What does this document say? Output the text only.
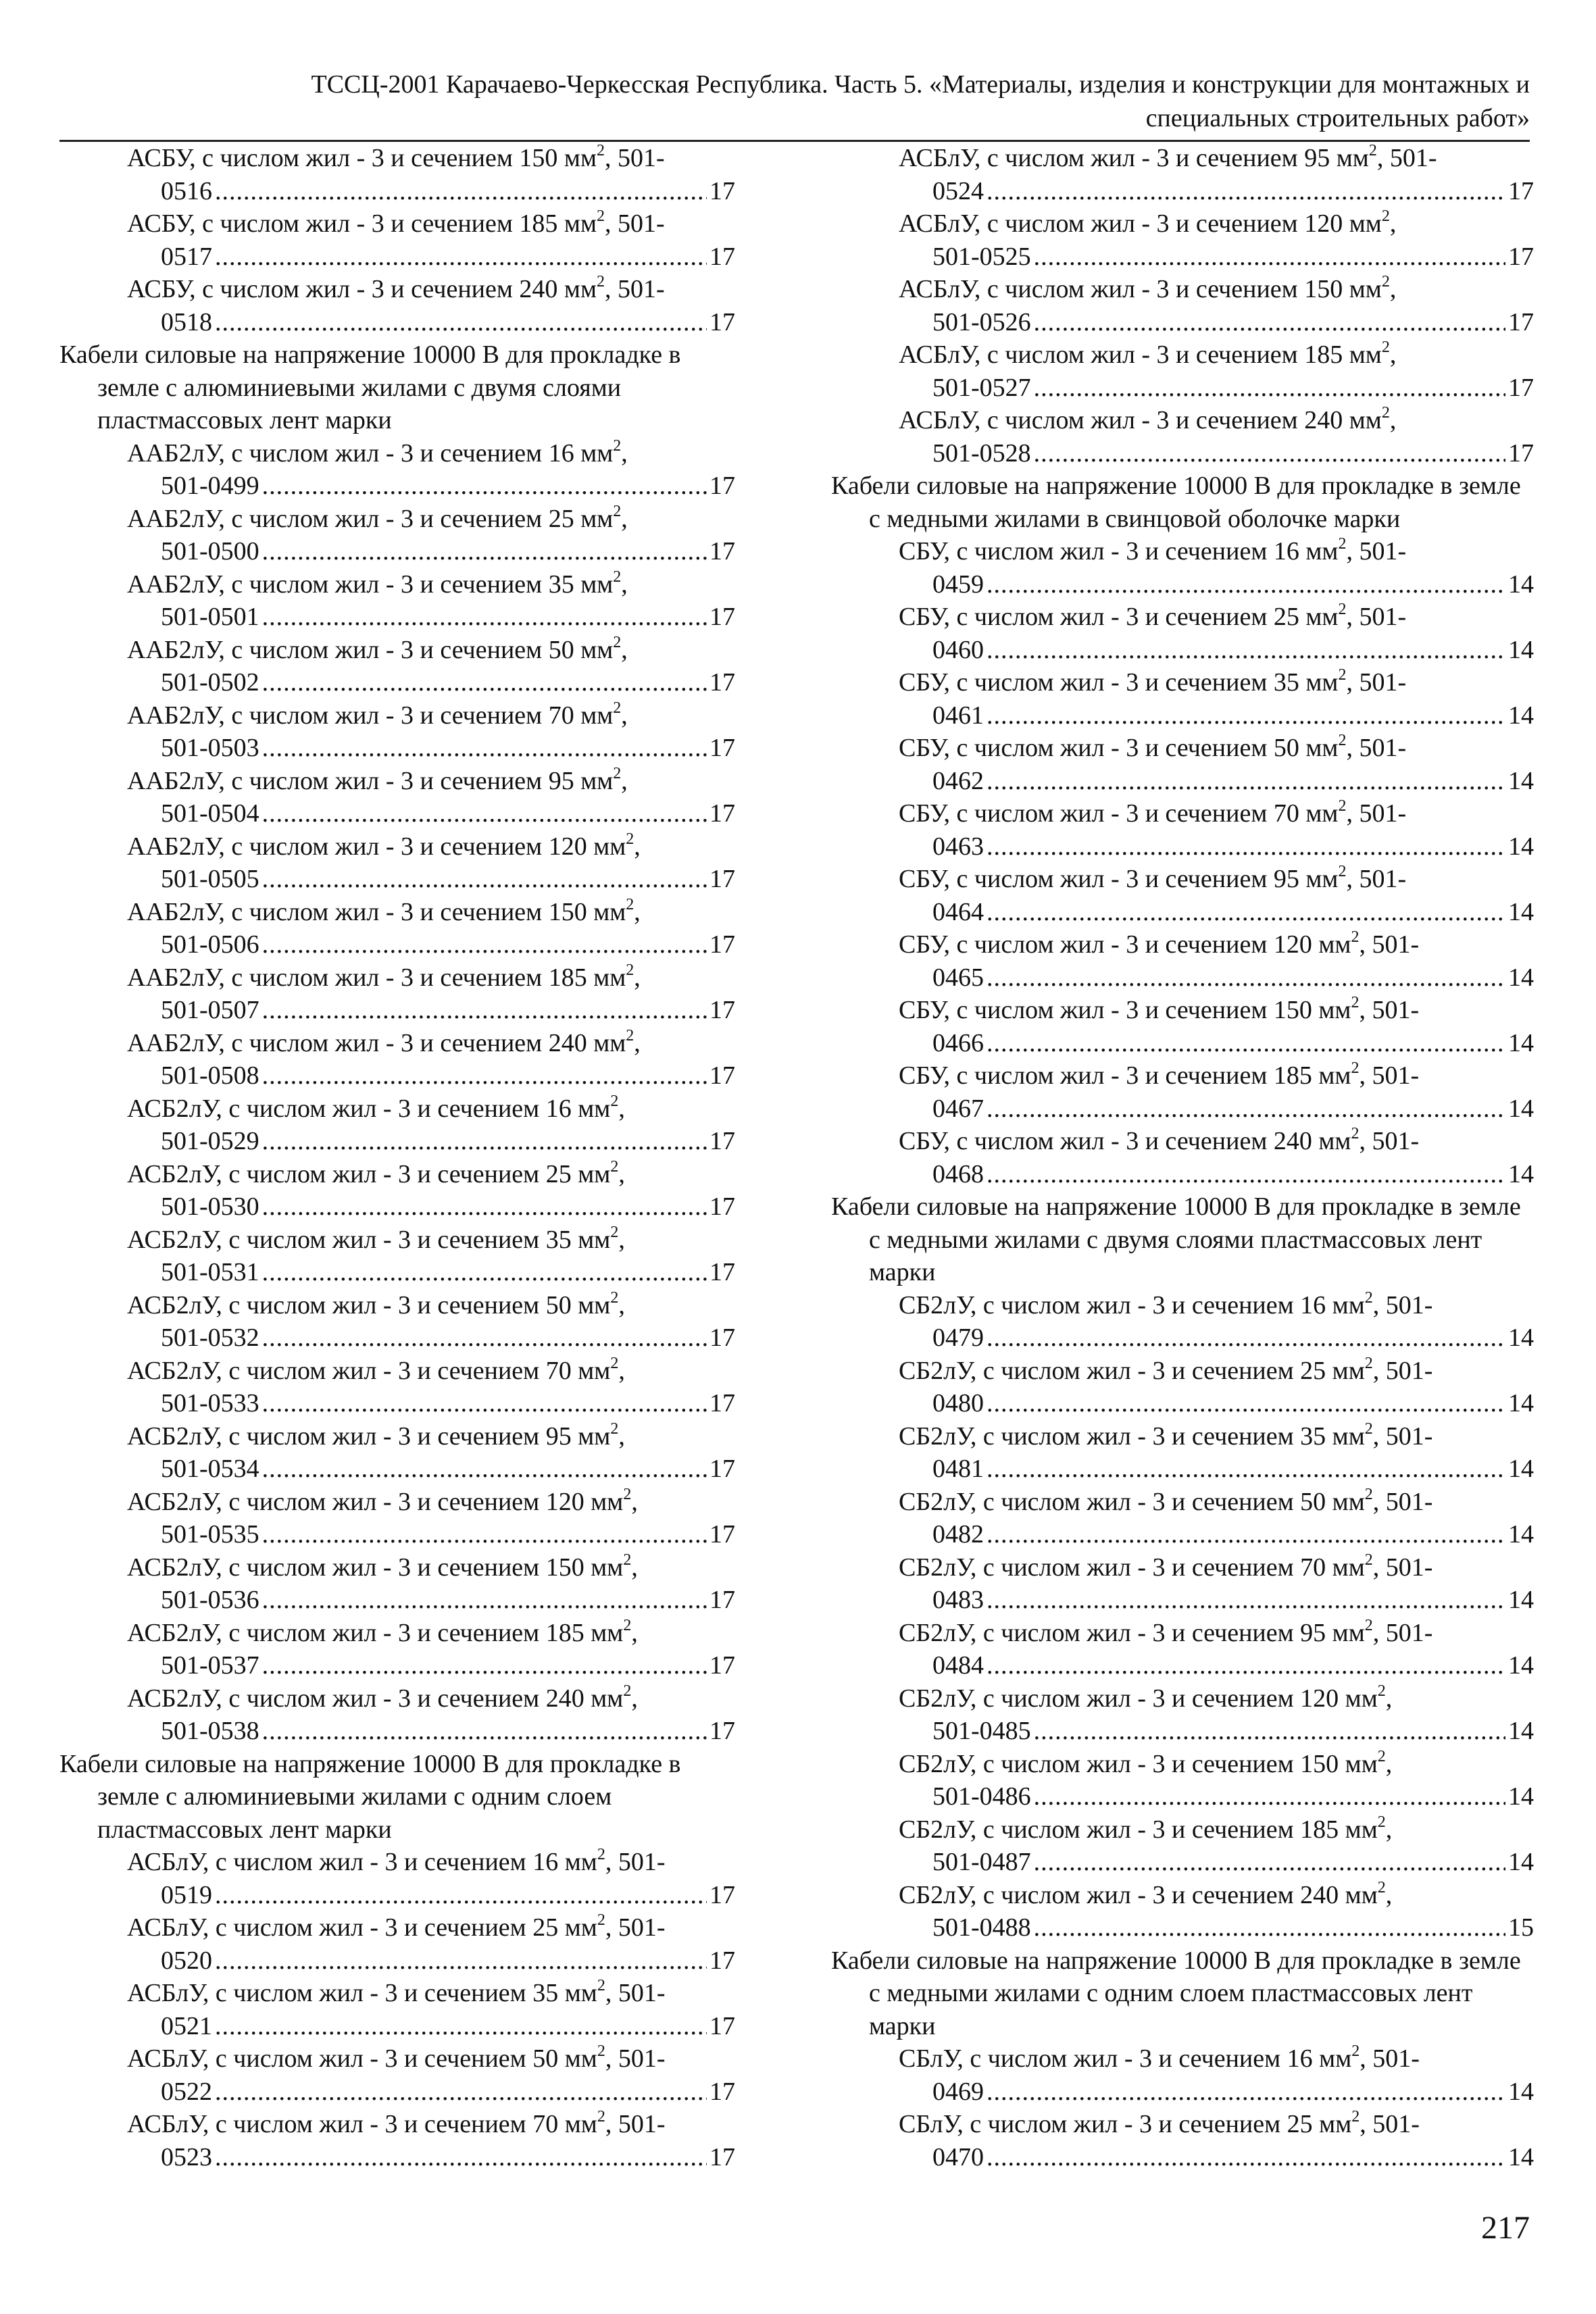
ТССЦ-2001 Карачаево-Черкесская Республика. Часть 5. «Материалы, изделия и конструкции для монтажных и
специальных строительных работ»
АСБУ, с числом жил - 3 и сечением 150 $мм^2$, 501-
0516 .....	17
АСБУ, с числом жил - 3 и сечением 185 $мм^2$, 501-
0517 .....	17
АСБУ, с числом жил - 3 и сечением 240 $мм^2$, 501-
0518 .....	17
Кабели силовые на напряжение 10000 В для прокладке в земле с алюминиевыми жилами с двумя слоями пластмассовых лент марки
ААБ2лУ, с числом жил - 3 и сечением 16 $мм^2$,
501-0499 .....	17
ААБ2лУ, с числом жил - 3 и сечением 25 $мм^2$,
501-0500 .....	17
ААБ2лУ, с числом жил - 3 и сечением 35 $мм^2$,
501-0501 .....	17
ААБ2лУ, с числом жил - 3 и сечением 50 $мм^2$,
501-0502 .....	17
ААБ2лУ, с числом жил - 3 и сечением 70 $мм^2$,
501-0503 .....	17
ААБ2лУ, с числом жил - 3 и сечением 95 $мм^2$,
501-0504 .....	17
ААБ2лУ, с числом жил - 3 и сечением 120 $мм^2$,
501-0505 .....	17
ААБ2лУ, с числом жил - 3 и сечением 150 $мм^2$,
501-0506 .....	17
ААБ2лУ, с числом жил - 3 и сечением 185 $мм^2$,
501-0507 .....	17
ААБ2лУ, с числом жил - 3 и сечением 240 $мм^2$,
501-0508 .....	17
АСБ2лУ, с числом жил - 3 и сечением 16 $мм^2$,
501-0529 .....	17
АСБ2лУ, с числом жил - 3 и сечением 25 $мм^2$,
501-0530 .....	17
АСБ2лУ, с числом жил - 3 и сечением 35 $мм^2$,
501-0531 .....	17
АСБ2лУ, с числом жил - 3 и сечением 50 $мм^2$,
501-0532 .....	17
АСБ2лУ, с числом жил - 3 и сечением 70 $мм^2$,
501-0533 .....	17
АСБ2лУ, с числом жил - 3 и сечением 95 $мм^2$,
501-0534 .....	17
АСБ2лУ, с числом жил - 3 и сечением 120 $мм^2$,
501-0535 .....	17
АСБ2лУ, с числом жил - 3 и сечением 150 $мм^2$,
501-0536 .....	17
АСБ2лУ, с числом жил - 3 и сечением 185 $мм^2$,
501-0537 .....	17
АСБ2лУ, с числом жил - 3 и сечением 240 $мм^2$,
501-0538 .....	17
Кабели силовые на напряжение 10000 В для прокладке в земле с алюминиевыми жилами с одним слоем пластмассовых лент марки
АСБлУ, с числом жил - 3 и сечением 16 $мм^2$, 501-
0519 .....	17
АСБлУ, с числом жил - 3 и сечением 25 $мм^2$, 501-
0520 .....	17
АСБлУ, с числом жил - 3 и сечением 35 $мм^2$, 501-
0521 .....	17
АСБлУ, с числом жил - 3 и сечением 50 $мм^2$, 501-
0522 .....	17
АСБлУ, с числом жил - 3 и сечением 70 $мм^2$, 501-
0523 .....	17
АСБлУ, с числом жил - 3 и сечением 95 $мм^2$, 501-
0524 .....	17
АСБлУ, с числом жил - 3 и сечением 120 $мм^2$,
501-0525 .....	17
АСБлУ, с числом жил - 3 и сечением 150 $мм^2$,
501-0526 .....	17
АСБлУ, с числом жил - 3 и сечением 185 $мм^2$,
501-0527 .....	17
АСБлУ, с числом жил - 3 и сечением 240 $мм^2$,
501-0528 .....	17
Кабели силовые на напряжение 10000 В для прокладке в земле с медными жилами в свинцовой оболочке марки
СБУ, с числом жил - 3 и сечением 16 $мм^2$, 501-
0459 .....	14
СБУ, с числом жил - 3 и сечением 25 $мм^2$, 501-
0460 .....	14
СБУ, с числом жил - 3 и сечением 35 $мм^2$, 501-
0461 .....	14
СБУ, с числом жил - 3 и сечением 50 $мм^2$, 501-
0462 .....	14
СБУ, с числом жил - 3 и сечением 70 $мм^2$, 501-
0463 .....	14
СБУ, с числом жил - 3 и сечением 95 $мм^2$, 501-
0464 .....	14
СБУ, с числом жил - 3 и сечением 120 $мм^2$, 501-
0465 .....	14
СБУ, с числом жил - 3 и сечением 150 $мм^2$, 501-
0466 .....	14
СБУ, с числом жил - 3 и сечением 185 $мм^2$, 501-
0467 .....	14
СБУ, с числом жил - 3 и сечением 240 $мм^2$, 501-
0468 .....	14
Кабели силовые на напряжение 10000 В для прокладке в земле с медными жилами с двумя слоями пластмассовых лент марки
СБ2лУ, с числом жил - 3 и сечением 16 $мм^2$, 501-
0479 .....	14
СБ2лУ, с числом жил - 3 и сечением 25 $мм^2$, 501-
0480 .....	14
СБ2лУ, с числом жил - 3 и сечением 35 $мм^2$, 501-
0481 .....	14
СБ2лУ, с числом жил - 3 и сечением 50 $мм^2$, 501-
0482 .....	14
СБ2лУ, с числом жил - 3 и сечением 70 $мм^2$, 501-
0483 .....	14
СБ2лУ, с числом жил - 3 и сечением 95 $мм^2$, 501-
0484 .....	14
СБ2лУ, с числом жил - 3 и сечением 120 $мм^2$,
501-0485 .....	14
СБ2лУ, с числом жил - 3 и сечением 150 $мм^2$,
501-0486 .....	14
СБ2лУ, с числом жил - 3 и сечением 185 $мм^2$,
501-0487 .....	14
СБ2лУ, с числом жил - 3 и сечением 240 $мм^2$,
501-0488 .....	15
Кабели силовые на напряжение 10000 В для прокладке в земле с медными жилами с одним слоем пластмассовых лент марки
СБлУ, с числом жил - 3 и сечением 16 $мм^2$, 501-
0469 .....	14
СБлУ, с числом жил - 3 и сечением 25 $мм^2$, 501-
0470 .....	14
217
